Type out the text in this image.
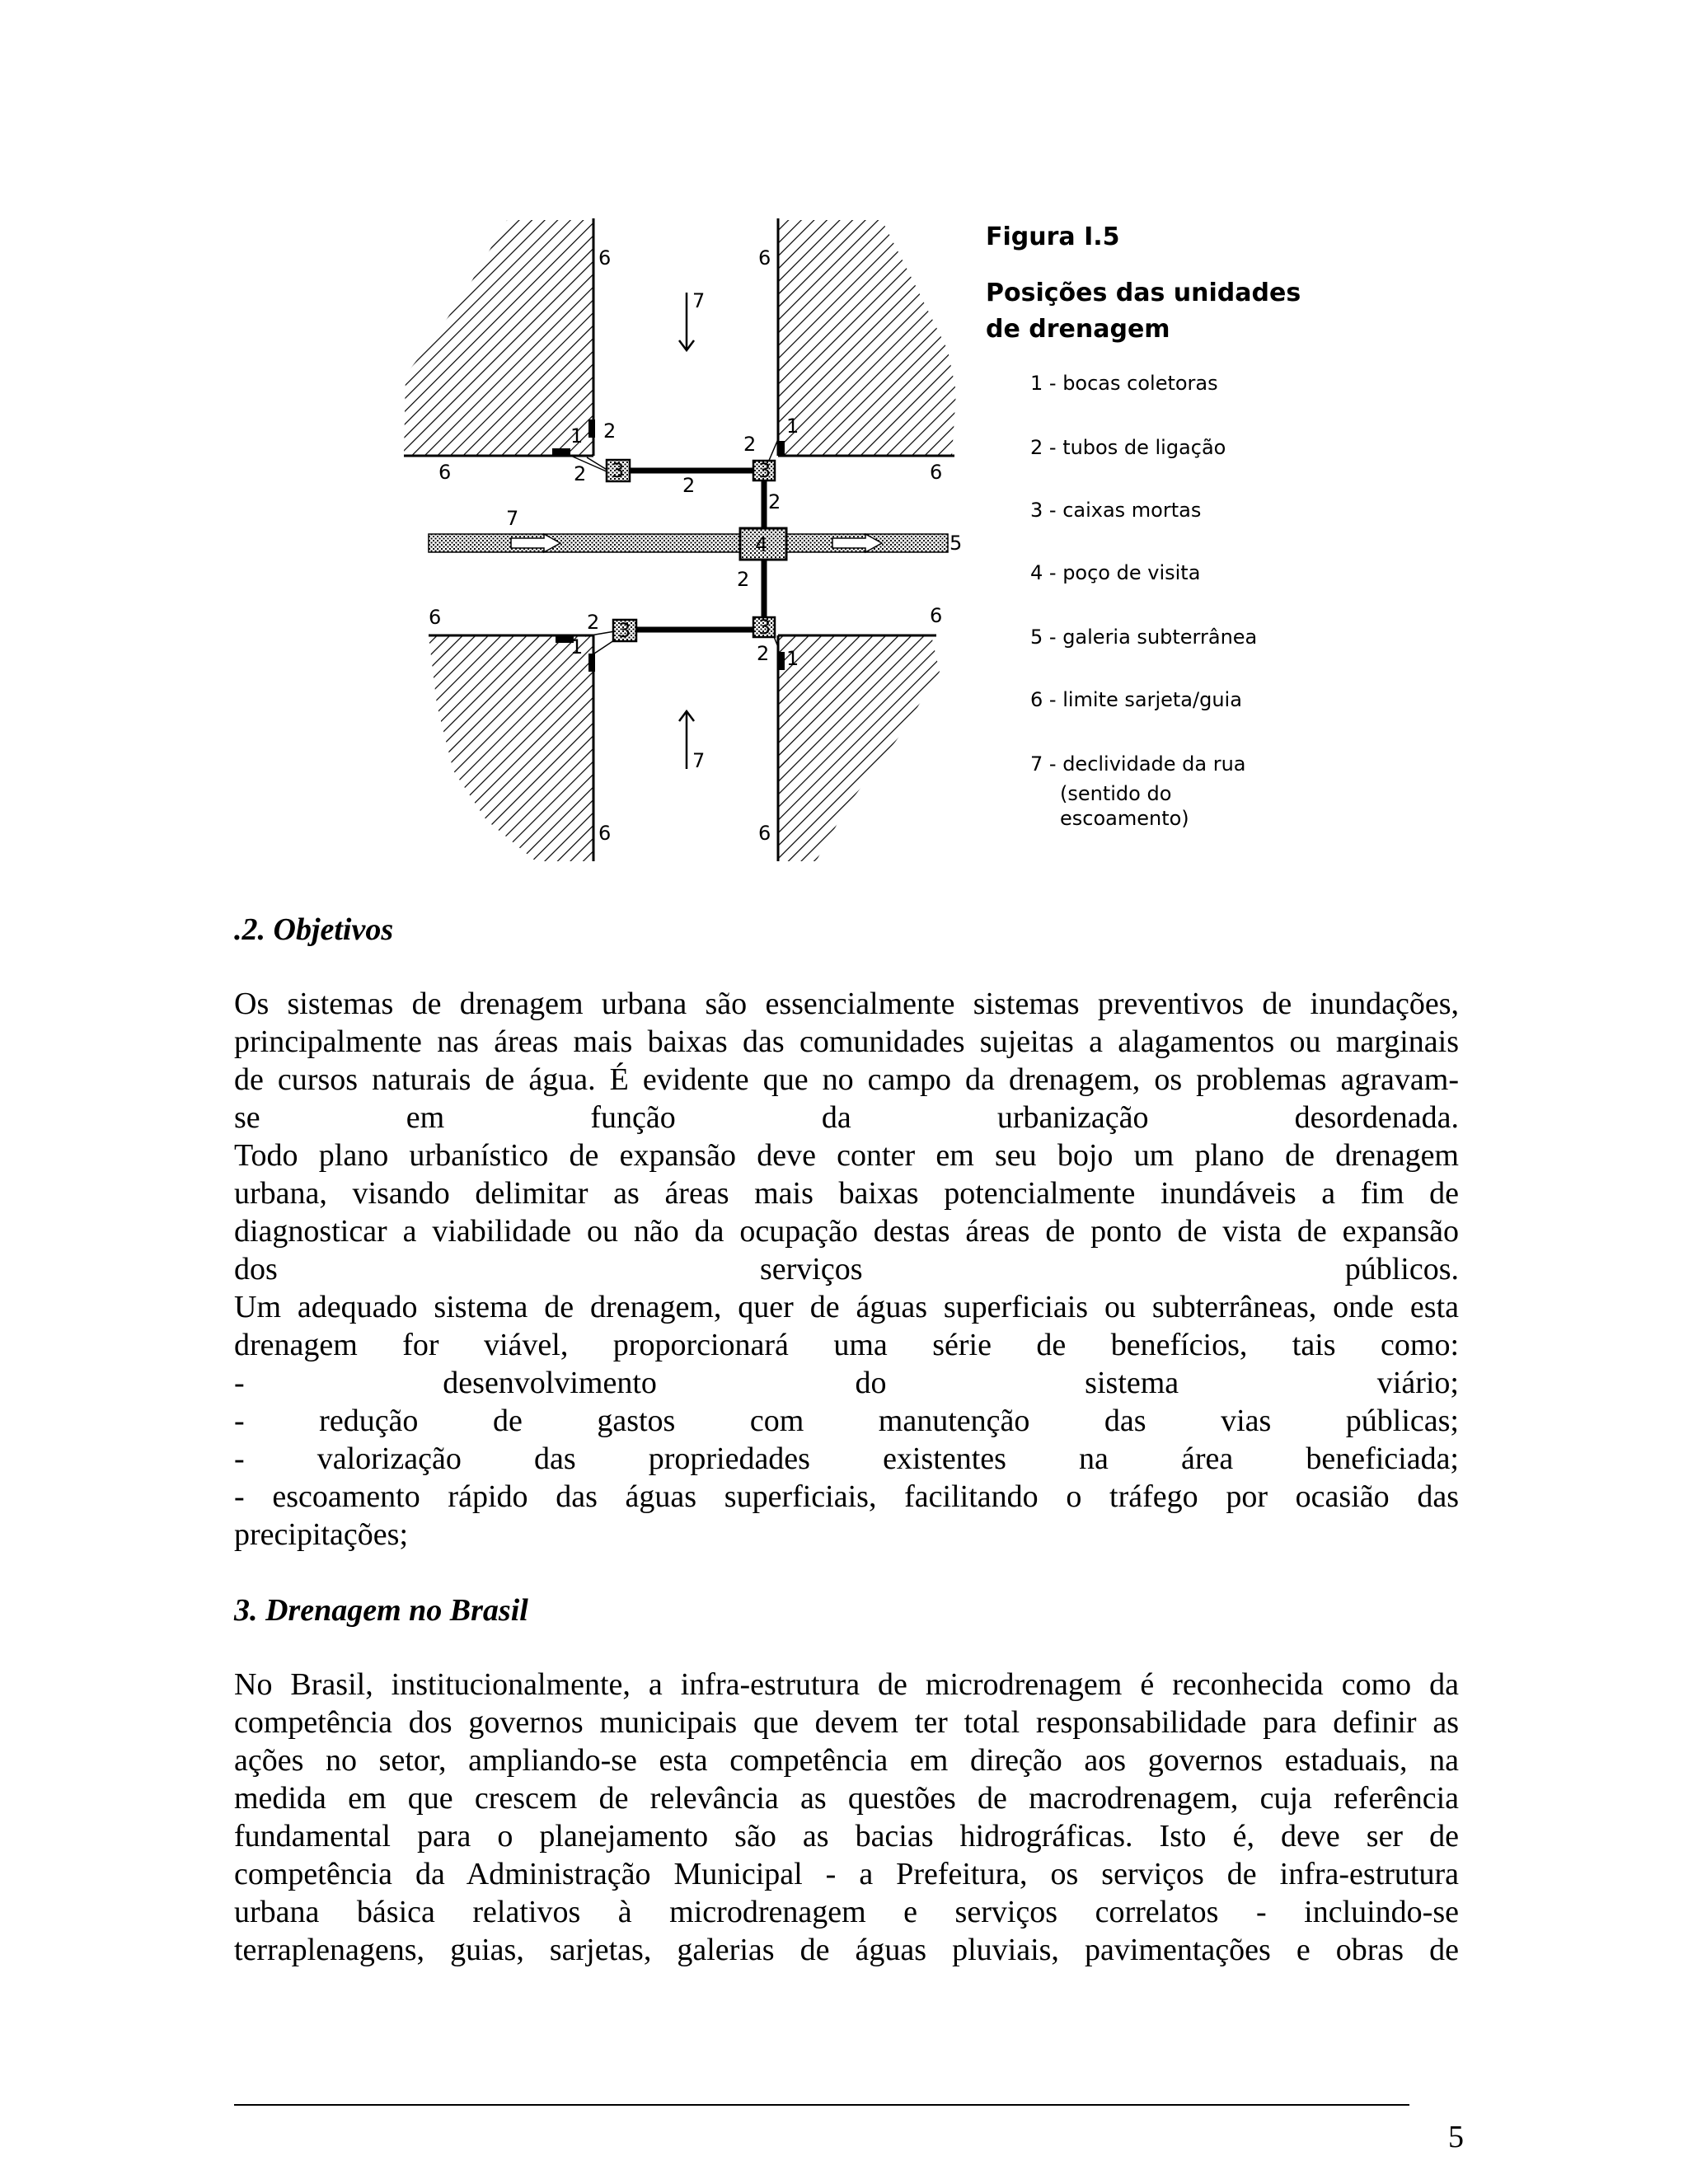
6	6
7
1 2
2
6
2
2
1
6
3	3
2
7
4	5
2
6	2 3	3	6
1	2 1
7
6	6
Figura I.5
Posições das unidades
de drenagem
1 - bocas coletoras
2 - tubos de ligação
3 - caixas mortas
4 - poço de visita
5 - galeria subterrânea
6 - limite sarjeta/guia
7 - declividade da rua
(sentido do
escoamento)

.2. Objetivos

Os sistemas de drenagem urbana são essencialmente sistemas preventivos de inundações,

principalmente nas áreas mais baixas das comunidades sujeitas a alagamentos ou marginais

de cursos naturais de água. É evidente que no campo da drenagem, os problemas agravam-

se em função da urbanização desordenada.

Todo plano urbanístico de expansão deve conter em seu bojo um plano de drenagem

urbana, visando delimitar as áreas mais baixas potencialmente inundáveis a fim de

diagnosticar a viabilidade ou não da ocupação destas áreas de ponto de vista de expansão

dos serviços públicos.

Um adequado sistema de drenagem, quer de águas superficiais ou subterrâneas, onde esta

drenagem for viável, proporcionará uma série de benefícios, tais como:

- desenvolvimento do sistema viário;

- redução de gastos com manutenção das vias públicas;

- valorização das propriedades existentes na área beneficiada;

- escoamento rápido das águas superficiais, facilitando o tráfego por ocasião das

precipitações;

3. Drenagem no Brasil

No Brasil, institucionalmente, a infra-estrutura de microdrenagem é reconhecida como da

competência dos governos municipais que devem ter total responsabilidade para definir as

ações no setor, ampliando-se esta competência em direção aos governos estaduais, na

medida em que crescem de relevância as questões de macrodrenagem, cuja referência

fundamental para o planejamento são as bacias hidrográficas. Isto é, deve ser de

competência da Administração Municipal - a Prefeitura, os serviços de infra-estrutura

urbana básica relativos à microdrenagem e serviços correlatos - incluindo-se

terraplenagens, guias, sarjetas, galerias de águas pluviais, pavimentações e obras de

5
